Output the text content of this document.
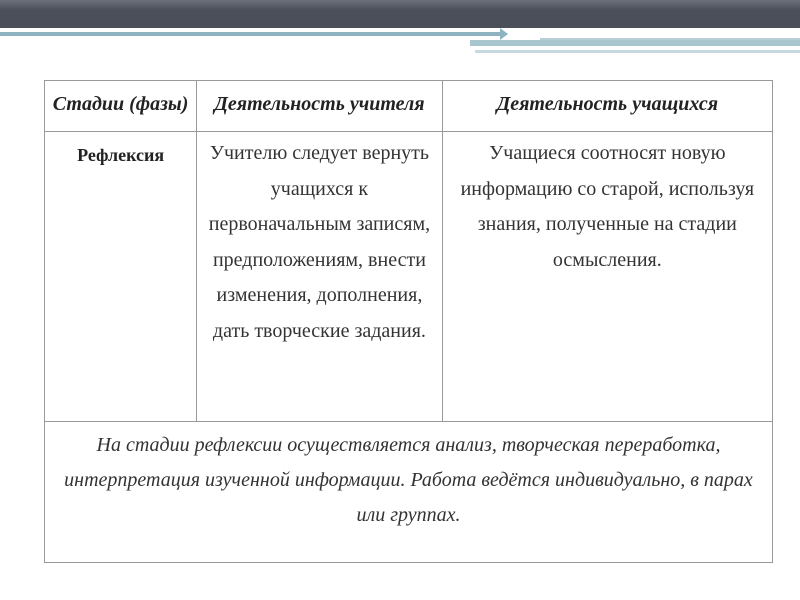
Стадии (фазы)	Деятельность учителя	Деятельность учащихся
Рефлексия	Учителю следует вернуть учащихся к первоначальным записям, предположениям, внести изменения, дополнения, дать творческие задания.	Учащиеся соотносят новую информацию со старой, используя знания, полученные на стадии осмысления.
На стадии рефлексии осуществляется анализ, творческая переработка, интерпретация изученной информации. Работа ведётся индивидуально, в парах или группах.		
